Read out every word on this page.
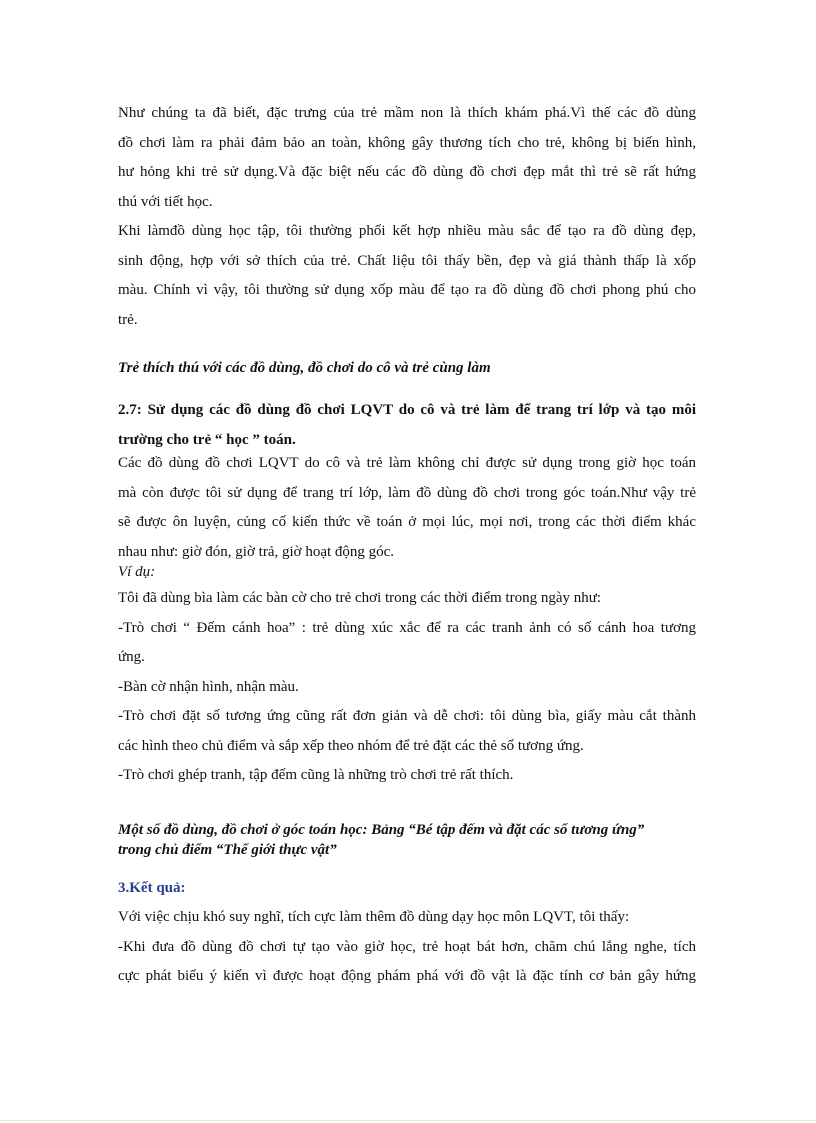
Như chúng ta đã biết, đặc trưng của trẻ mầm non là thích khám phá.Vì thế các đồ dùng
đồ chơi làm ra phải đảm bảo an toàn, không gây thương tích cho trẻ, không bị biến hình,
hư hỏng khi trẻ sử dụng.Và đặc biệt nếu các đồ dùng đồ chơi đẹp mắt thì trẻ sẽ rất hứng
thú với tiết học.
Khi làmđồ dùng học tập, tôi thường phối kết hợp nhiều màu sắc để tạo ra đồ dùng đẹp,
sinh động, hợp với sở thích của trẻ. Chất liệu tôi thấy bền, đẹp và giá thành thấp là xốp
màu. Chính vì vậy, tôi thường sử dụng xốp màu để tạo ra đồ dùng đồ chơi phong phú cho
trẻ.
Trẻ thích thú với các đồ dùng, đồ chơi do cô và trẻ cùng làm
2.7: Sử dụng các đồ dùng đồ chơi LQVT do cô và trẻ làm để trang trí lớp và tạo môi
trường cho trẻ “ học ” toán.
Các đồ dùng đồ chơi LQVT do cô và trẻ làm không chỉ được sử dụng trong giờ học toán
mà còn được tôi sử dụng để trang trí lớp, làm đồ dùng đồ chơi trong góc toán.Như vậy trẻ
sẽ được ôn luyện, củng cố kiến thức về toán ở mọi lúc, mọi nơi, trong các thời điểm khác
nhau như: giờ đón, giờ trả, giờ hoạt động góc.
Ví dụ:
Tôi đã dùng bìa làm các bàn cờ cho trẻ chơi trong các thời điểm trong ngày như:
-Trò chơi “ Đếm cánh hoa” : trẻ dùng xúc xắc để ra các tranh ảnh có số cánh hoa tương
ứng.
-Bàn cờ nhận hình, nhận màu.
-Trò chơi đặt số tương ứng cũng rất đơn giản và dễ chơi: tôi dùng bìa, giấy màu cắt thành
các hình theo chủ điểm và sắp xếp theo nhóm để trẻ đặt các thẻ số tương ứng.
-Trò chơi ghép tranh, tập đếm cũng là những trò chơi trẻ rất thích.
Một số đồ dùng, đồ chơi ở góc toán học: Bảng “Bé tập đếm và đặt các số tương ứng”
trong chủ điểm “Thế giới thực vật”
3.Kết quả:
Với việc chịu khó suy nghĩ, tích cực làm thêm đồ dùng dạy học môn LQVT, tôi thấy:
-Khi đưa đồ dùng đồ chơi tự tạo vào giờ học, trẻ hoạt bát hơn, chăm chú lắng nghe, tích
cực phát biểu ý kiến vì được hoạt động phám phá với đồ vật là đặc tính cơ bản gây hứng
